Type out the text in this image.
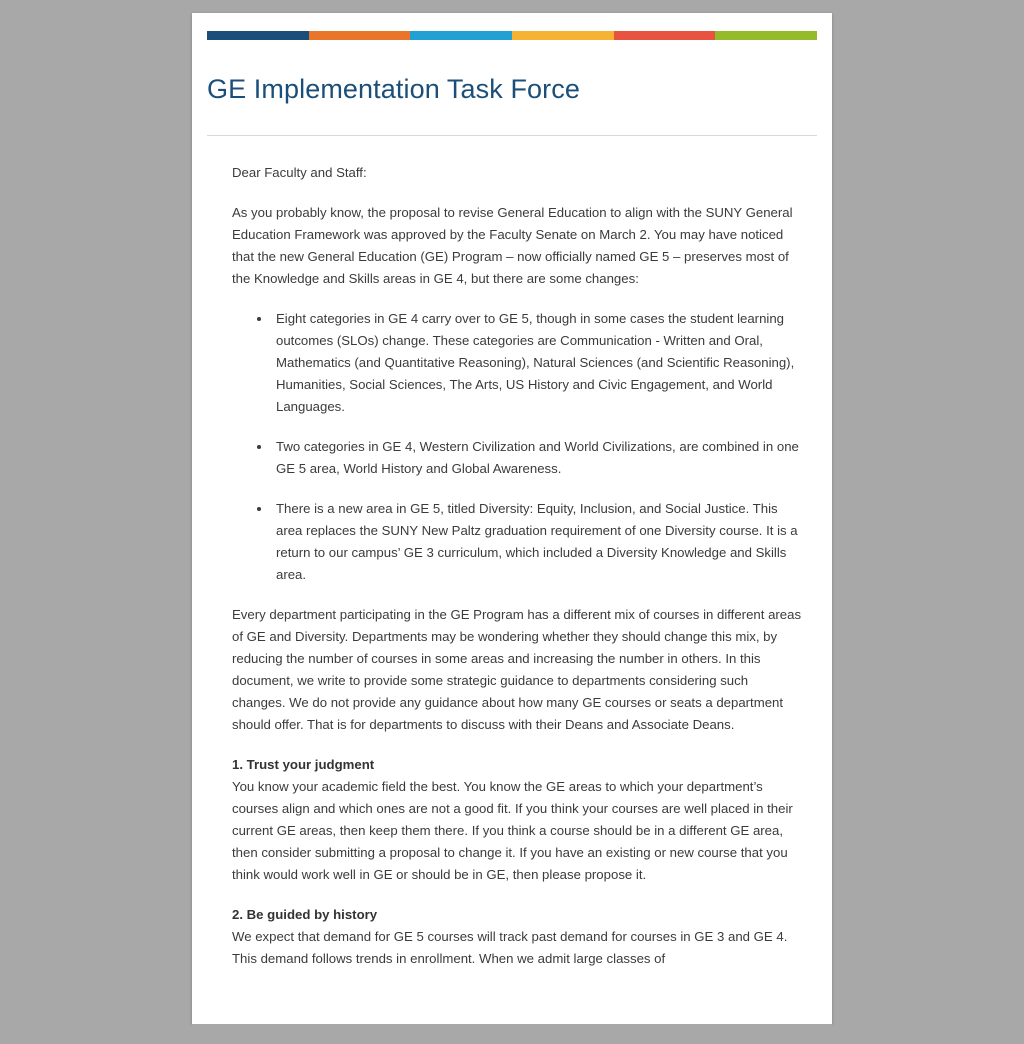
GE Implementation Task Force

Dear Faculty and Staff:

As you probably know, the proposal to revise General Education to align with the SUNY General Education Framework was approved by the Faculty Senate on March 2. You may have noticed that the new General Education (GE) Program – now officially named GE 5 – preserves most of the Knowledge and Skills areas in GE 4, but there are some changes:

• Eight categories in GE 4 carry over to GE 5, though in some cases the student learning outcomes (SLOs) change. These categories are Communication - Written and Oral, Mathematics (and Quantitative Reasoning), Natural Sciences (and Scientific Reasoning), Humanities, Social Sciences, The Arts, US History and Civic Engagement, and World Languages.
• Two categories in GE 4, Western Civilization and World Civilizations, are combined in one GE 5 area, World History and Global Awareness.
• There is a new area in GE 5, titled Diversity: Equity, Inclusion, and Social Justice. This area replaces the SUNY New Paltz graduation requirement of one Diversity course. It is a return to our campus’ GE 3 curriculum, which included a Diversity Knowledge and Skills area.

Every department participating in the GE Program has a different mix of courses in different areas of GE and Diversity. Departments may be wondering whether they should change this mix, by reducing the number of courses in some areas and increasing the number in others. In this document, we write to provide some strategic guidance to departments considering such changes. We do not provide any guidance about how many GE courses or seats a department should offer. That is for departments to discuss with their Deans and Associate Deans.

1. Trust your judgment

You know your academic field the best. You know the GE areas to which your department’s courses align and which ones are not a good fit. If you think your courses are well placed in their current GE areas, then keep them there. If you think a course should be in a different GE area, then consider submitting a proposal to change it. If you have an existing or new course that you think would work well in GE or should be in GE, then please propose it.

2. Be guided by history

We expect that demand for GE 5 courses will track past demand for courses in GE 3 and GE 4. This demand follows trends in enrollment. When we admit large classes of
